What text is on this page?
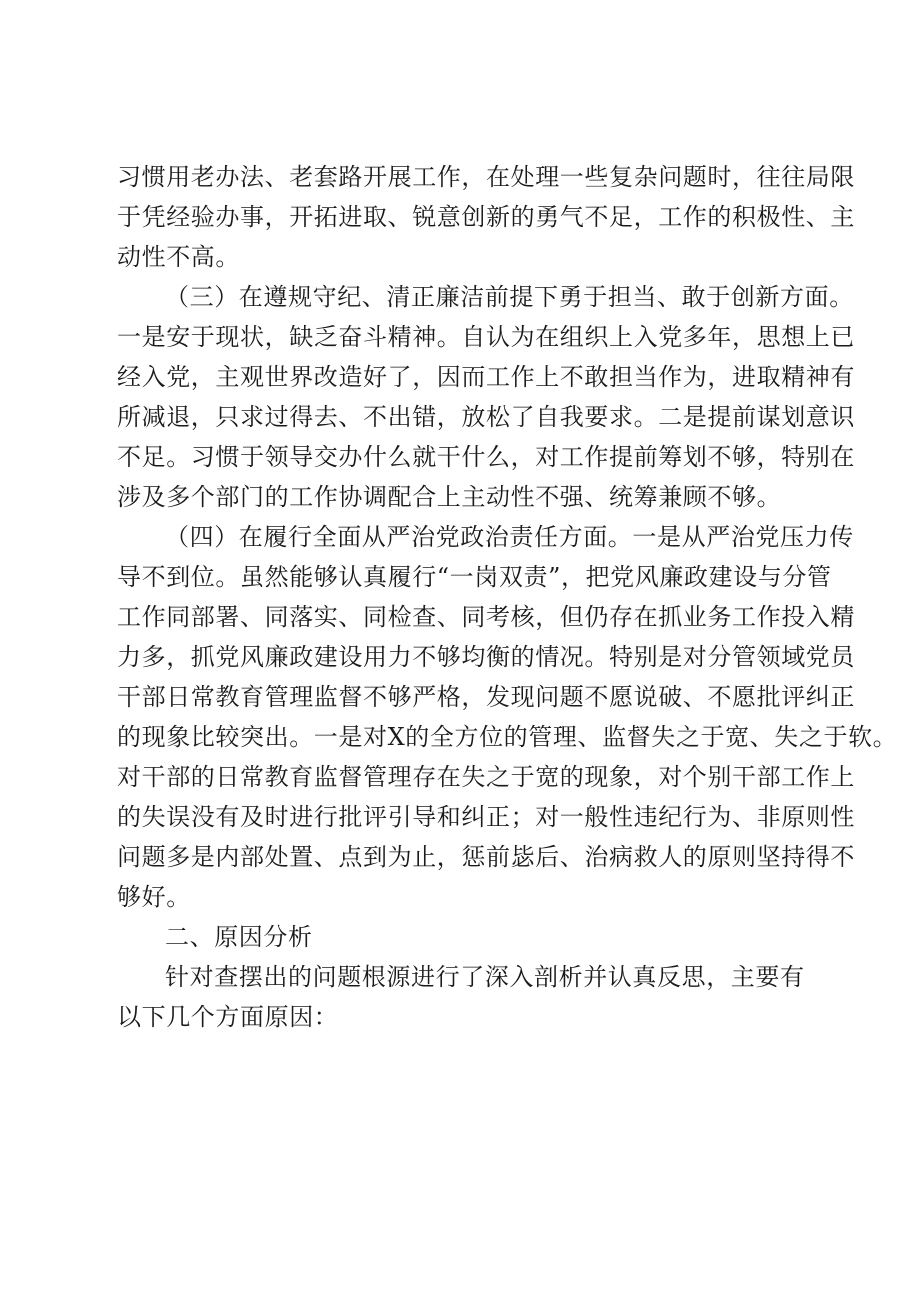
习惯用老办法、老套路开展工作，在处理一些复杂问题时，往往局限
于凭经验办事，开拓进取、锐意创新的勇气不足，工作的积极性、主
动性不高。
（三）在遵规守纪、清正廉洁前提下勇于担当、敢于创新方面。
一是安于现状，缺乏奋斗精神。自认为在组织上入党多年，思想上已
经入党，主观世界改造好了，因而工作上不敢担当作为，进取精神有
所减退，只求过得去、不出错，放松了自我要求。二是提前谋划意识
不足。习惯于领导交办什么就干什么，对工作提前筹划不够，特别在
涉及多个部门的工作协调配合上主动性不强、统筹兼顾不够。
（四）在履行全面从严治党政治责任方面。一是从严治党压力传
导不到位。虽然能够认真履行“一岗双责”，把党风廉政建设与分管
工作同部署、同落实、同检查、同考核，但仍存在抓业务工作投入精
力多，抓党风廉政建设用力不够均衡的情况。特别是对分管领域党员
干部日常教育管理监督不够严格，发现问题不愿说破、不愿批评纠正
的现象比较突出。一是对X的全方位的管理、监督失之于宽、失之于软。
对干部的日常教育监督管理存在失之于宽的现象，对个别干部工作上
的失误没有及时进行批评引导和纠正；对一般性违纪行为、非原则性
问题多是内部处置、点到为止，惩前毖后、治病救人的原则坚持得不
够好。
二、原因分析
针对查摆出的问题根源进行了深入剖析并认真反思，主要有
以下几个方面原因：
